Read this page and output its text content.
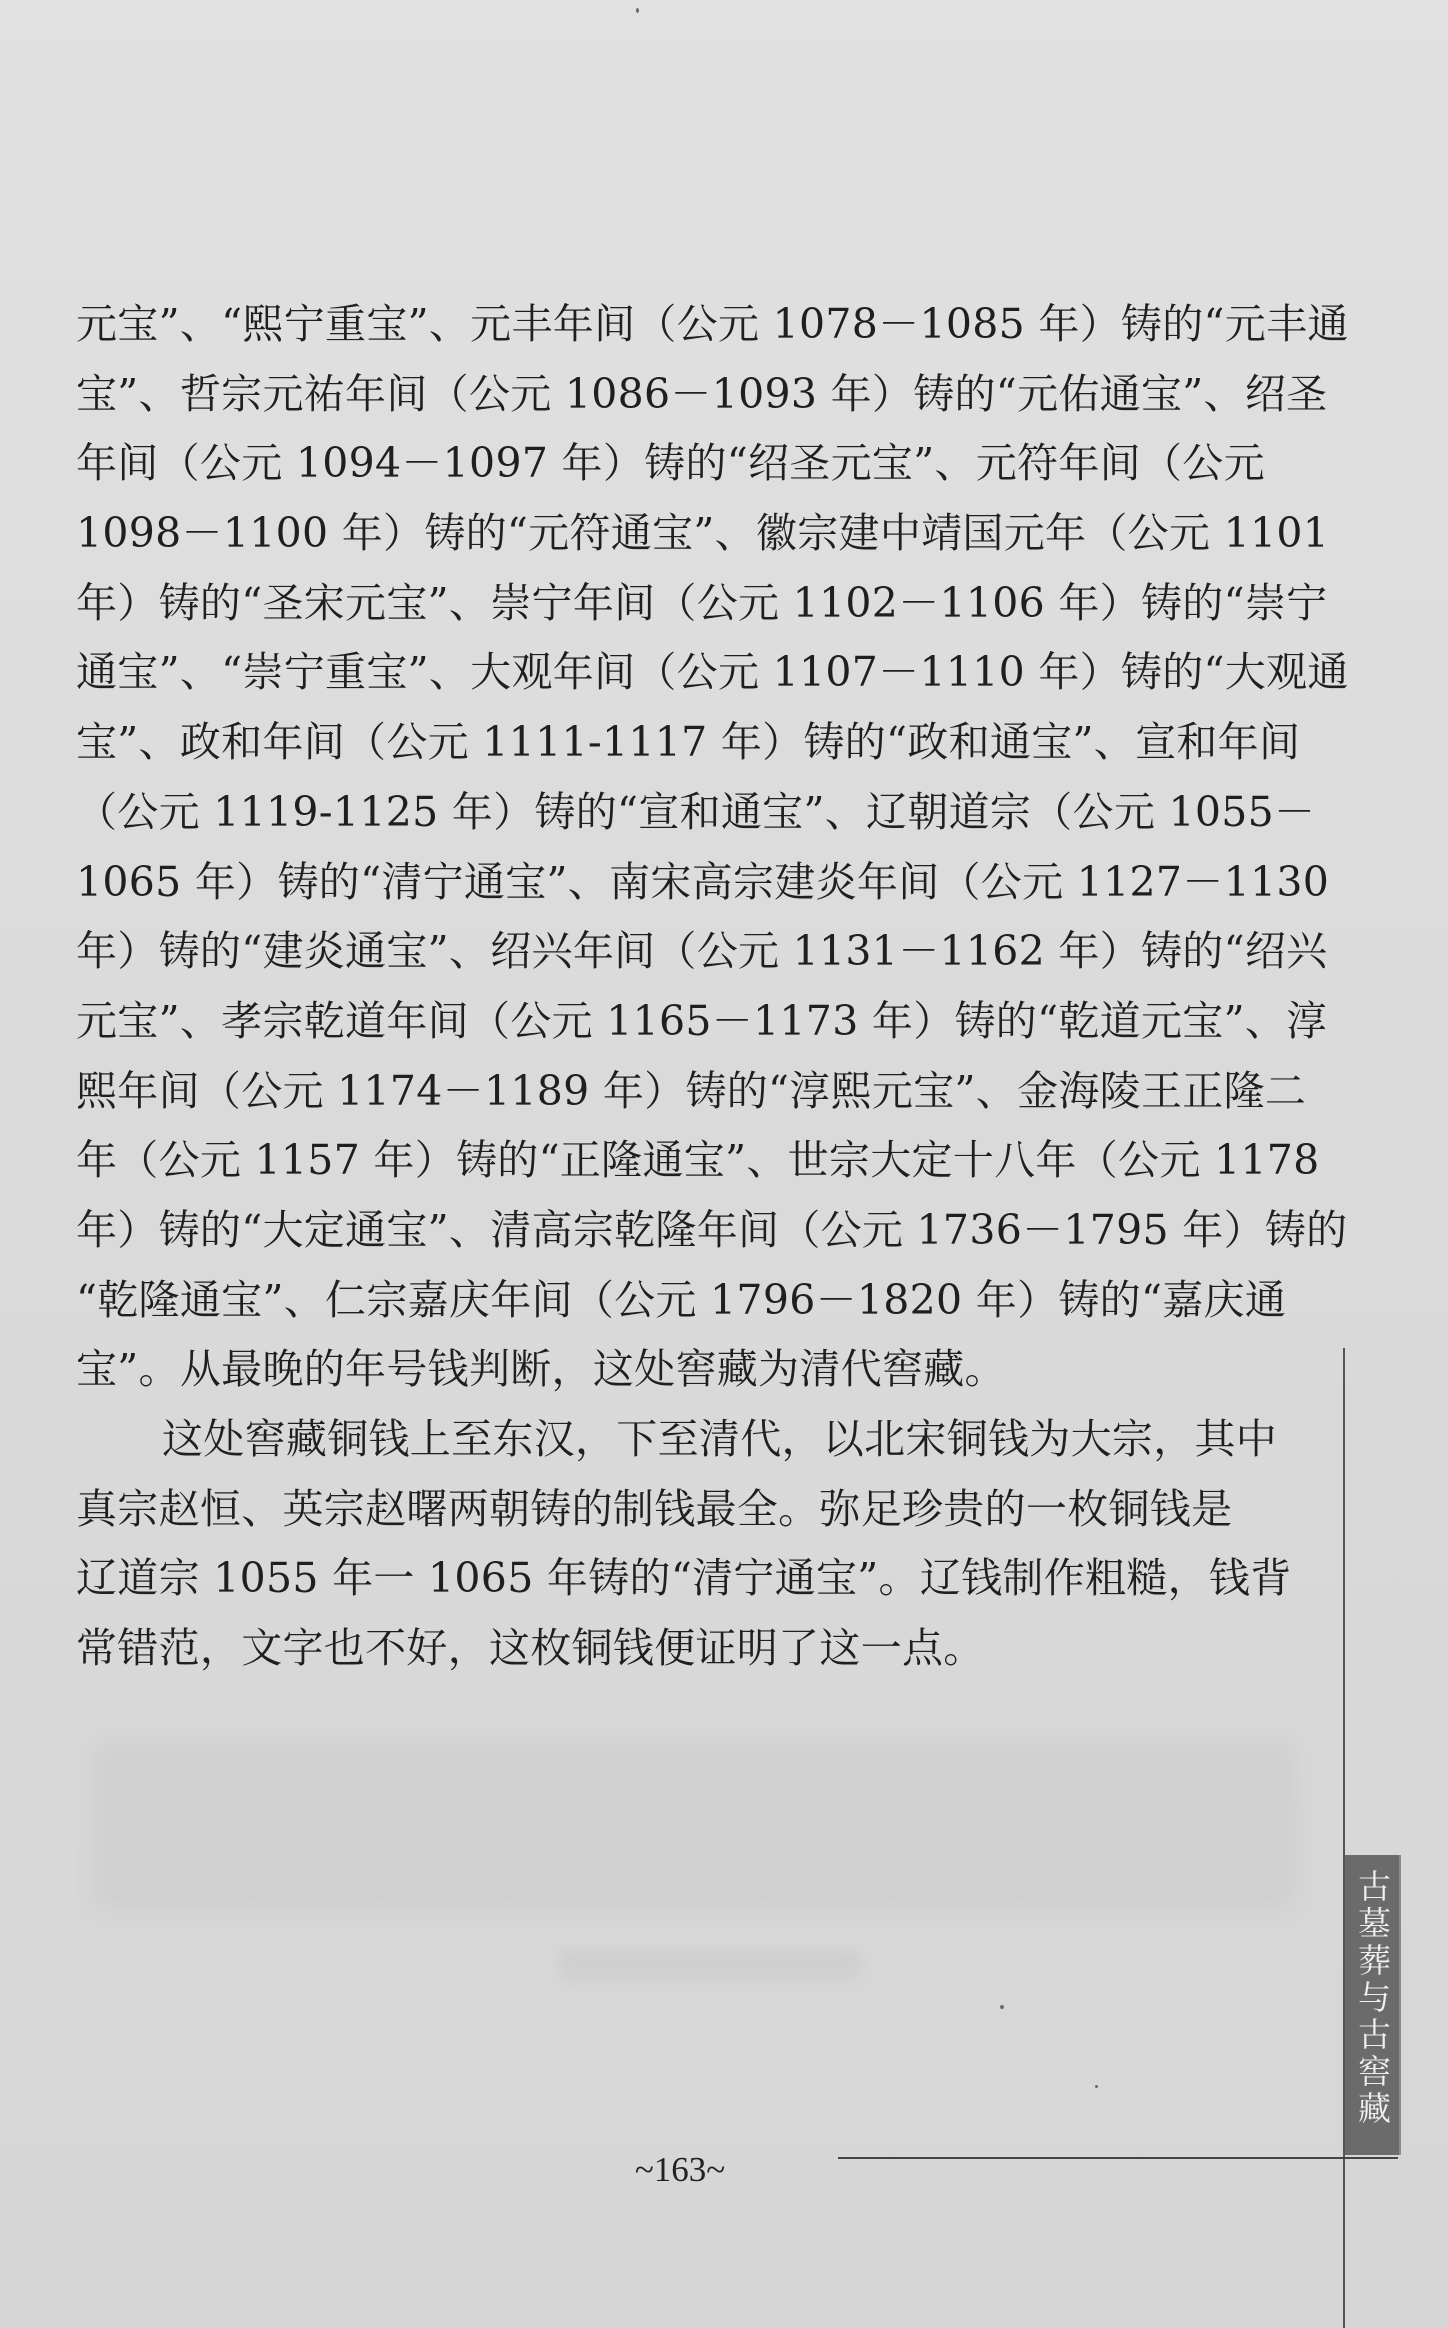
元宝”、“熙宁重宝”、元丰年间（公元 1078－1085 年）铸的“元丰通
宝”、哲宗元祐年间（公元 1086－1093 年）铸的“元佑通宝”、绍圣
年间（公元 1094－1097 年）铸的“绍圣元宝”、元符年间（公元
1098－1100 年）铸的“元符通宝”、徽宗建中靖国元年（公元 1101
年）铸的“圣宋元宝”、崇宁年间（公元 1102－1106 年）铸的“崇宁
通宝”、“崇宁重宝”、大观年间（公元 1107－1110 年）铸的“大观通
宝”、政和年间（公元 1111-1117 年）铸的“政和通宝”、宣和年间
（公元 1119-1125 年）铸的“宣和通宝”、辽朝道宗（公元 1055－
1065 年）铸的“清宁通宝”、南宋高宗建炎年间（公元 1127－1130
年）铸的“建炎通宝”、绍兴年间（公元 1131－1162 年）铸的“绍兴
元宝”、孝宗乾道年间（公元 1165－1173 年）铸的“乾道元宝”、淳
熙年间（公元 1174－1189 年）铸的“淳熙元宝”、金海陵王正隆二
年（公元 1157 年）铸的“正隆通宝”、世宗大定十八年（公元 1178
年）铸的“大定通宝”、清高宗乾隆年间（公元 1736－1795 年）铸的
“乾隆通宝”、仁宗嘉庆年间（公元 1796－1820 年）铸的“嘉庆通
宝”。从最晚的年号钱判断，这处窖藏为清代窖藏。
这处窖藏铜钱上至东汉，下至清代，以北宋铜钱为大宗，其中
真宗赵恒、英宗赵曙两朝铸的制钱最全。弥足珍贵的一枚铜钱是
辽道宗 1055 年一 1065 年铸的“清宁通宝”。辽钱制作粗糙，钱背
常错范，文字也不好，这枚铜钱便证明了这一点。
古墓葬与古窖藏
~163~
